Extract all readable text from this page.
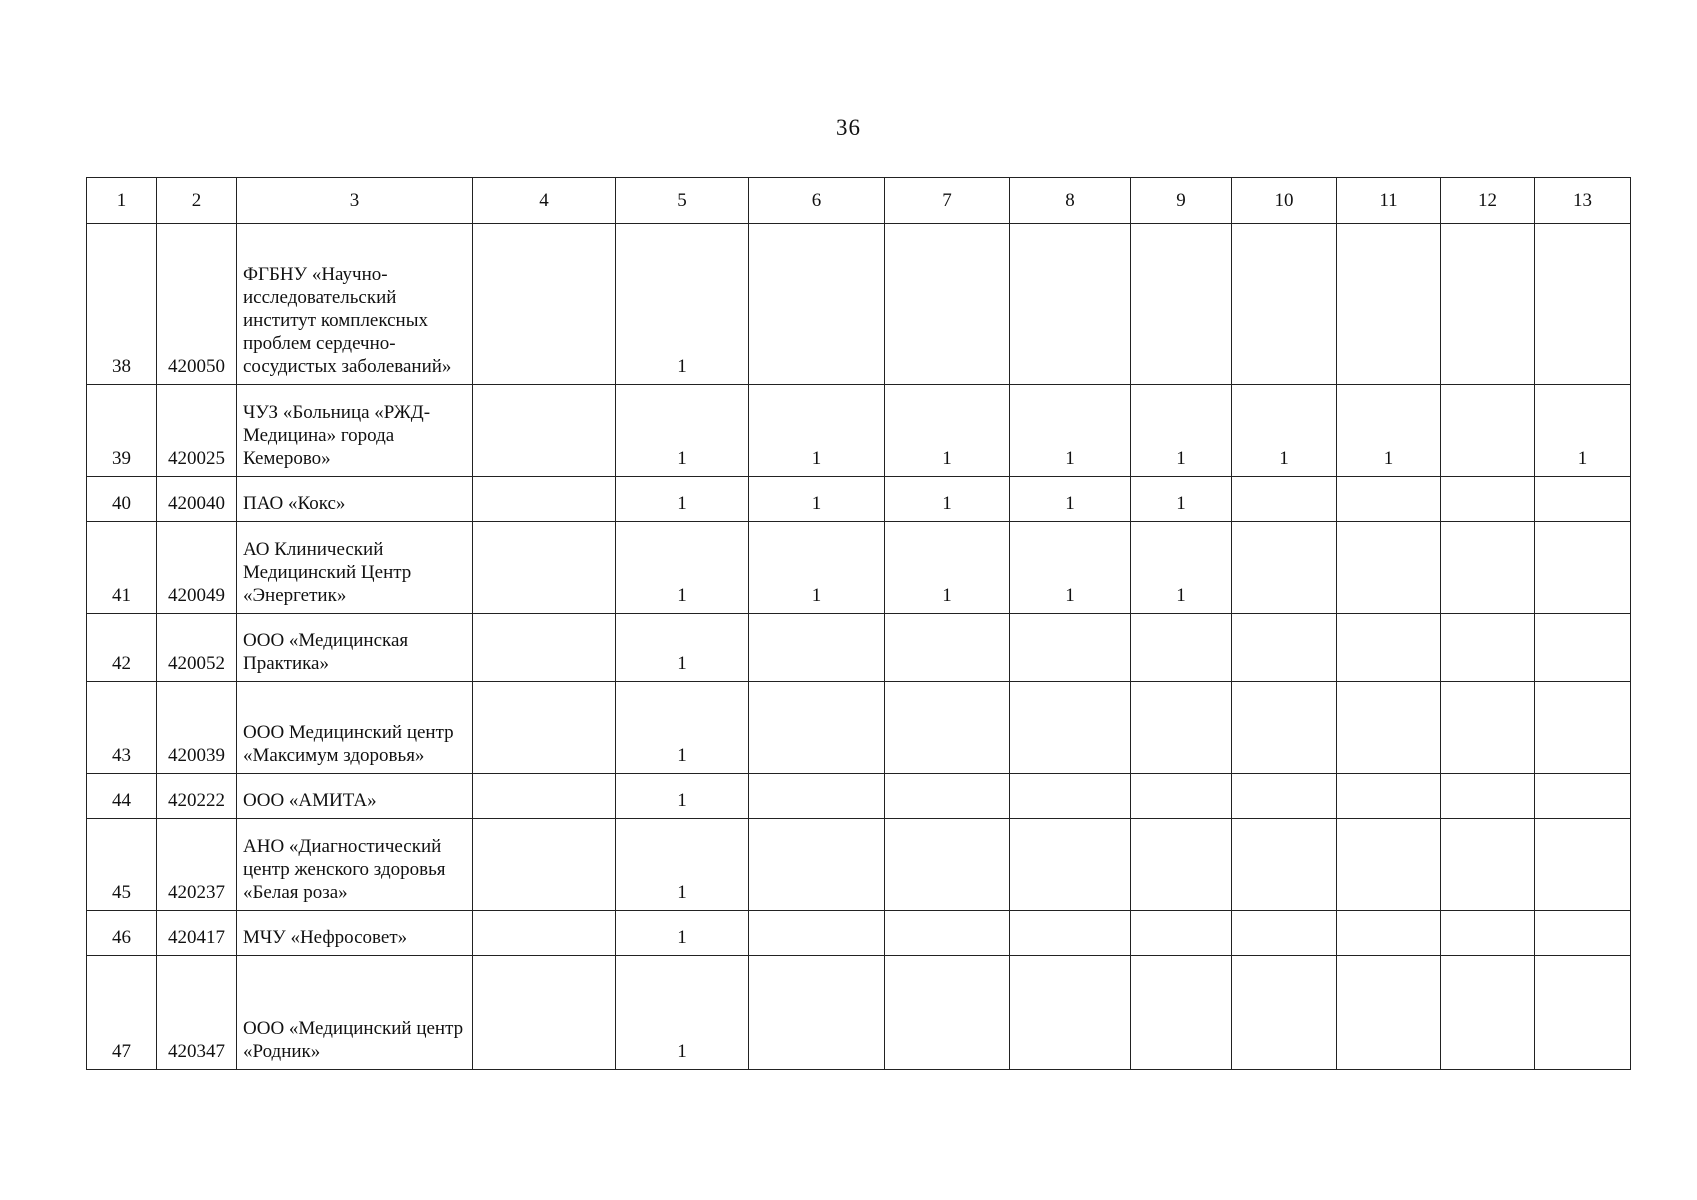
36
1	2	3	4	5	6	7	8	9	10	11	12	13
38	420050	ФГБНУ «Научно-исследовательский институт комплексных проблем сердечно-сосудистых заболеваний»		1								
39	420025	ЧУЗ «Больница «РЖД-Медицина» города Кемерово»		1	1	1	1	1	1	1		1
40	420040	ПАО «Кокс»		1	1	1	1	1				
41	420049	АО Клинический Медицинский Центр «Энергетик»		1	1	1	1	1				
42	420052	ООО «Медицинская Практика»		1								
43	420039	ООО Медицинский центр «Максимум здоровья»		1								
44	420222	ООО «АМИТА»		1								
45	420237	АНО «Диагностический центр женского здоровья «Белая роза»		1								
46	420417	МЧУ «Нефросовет»		1								
47	420347	ООО «Медицинский центр «Родник»		1								
